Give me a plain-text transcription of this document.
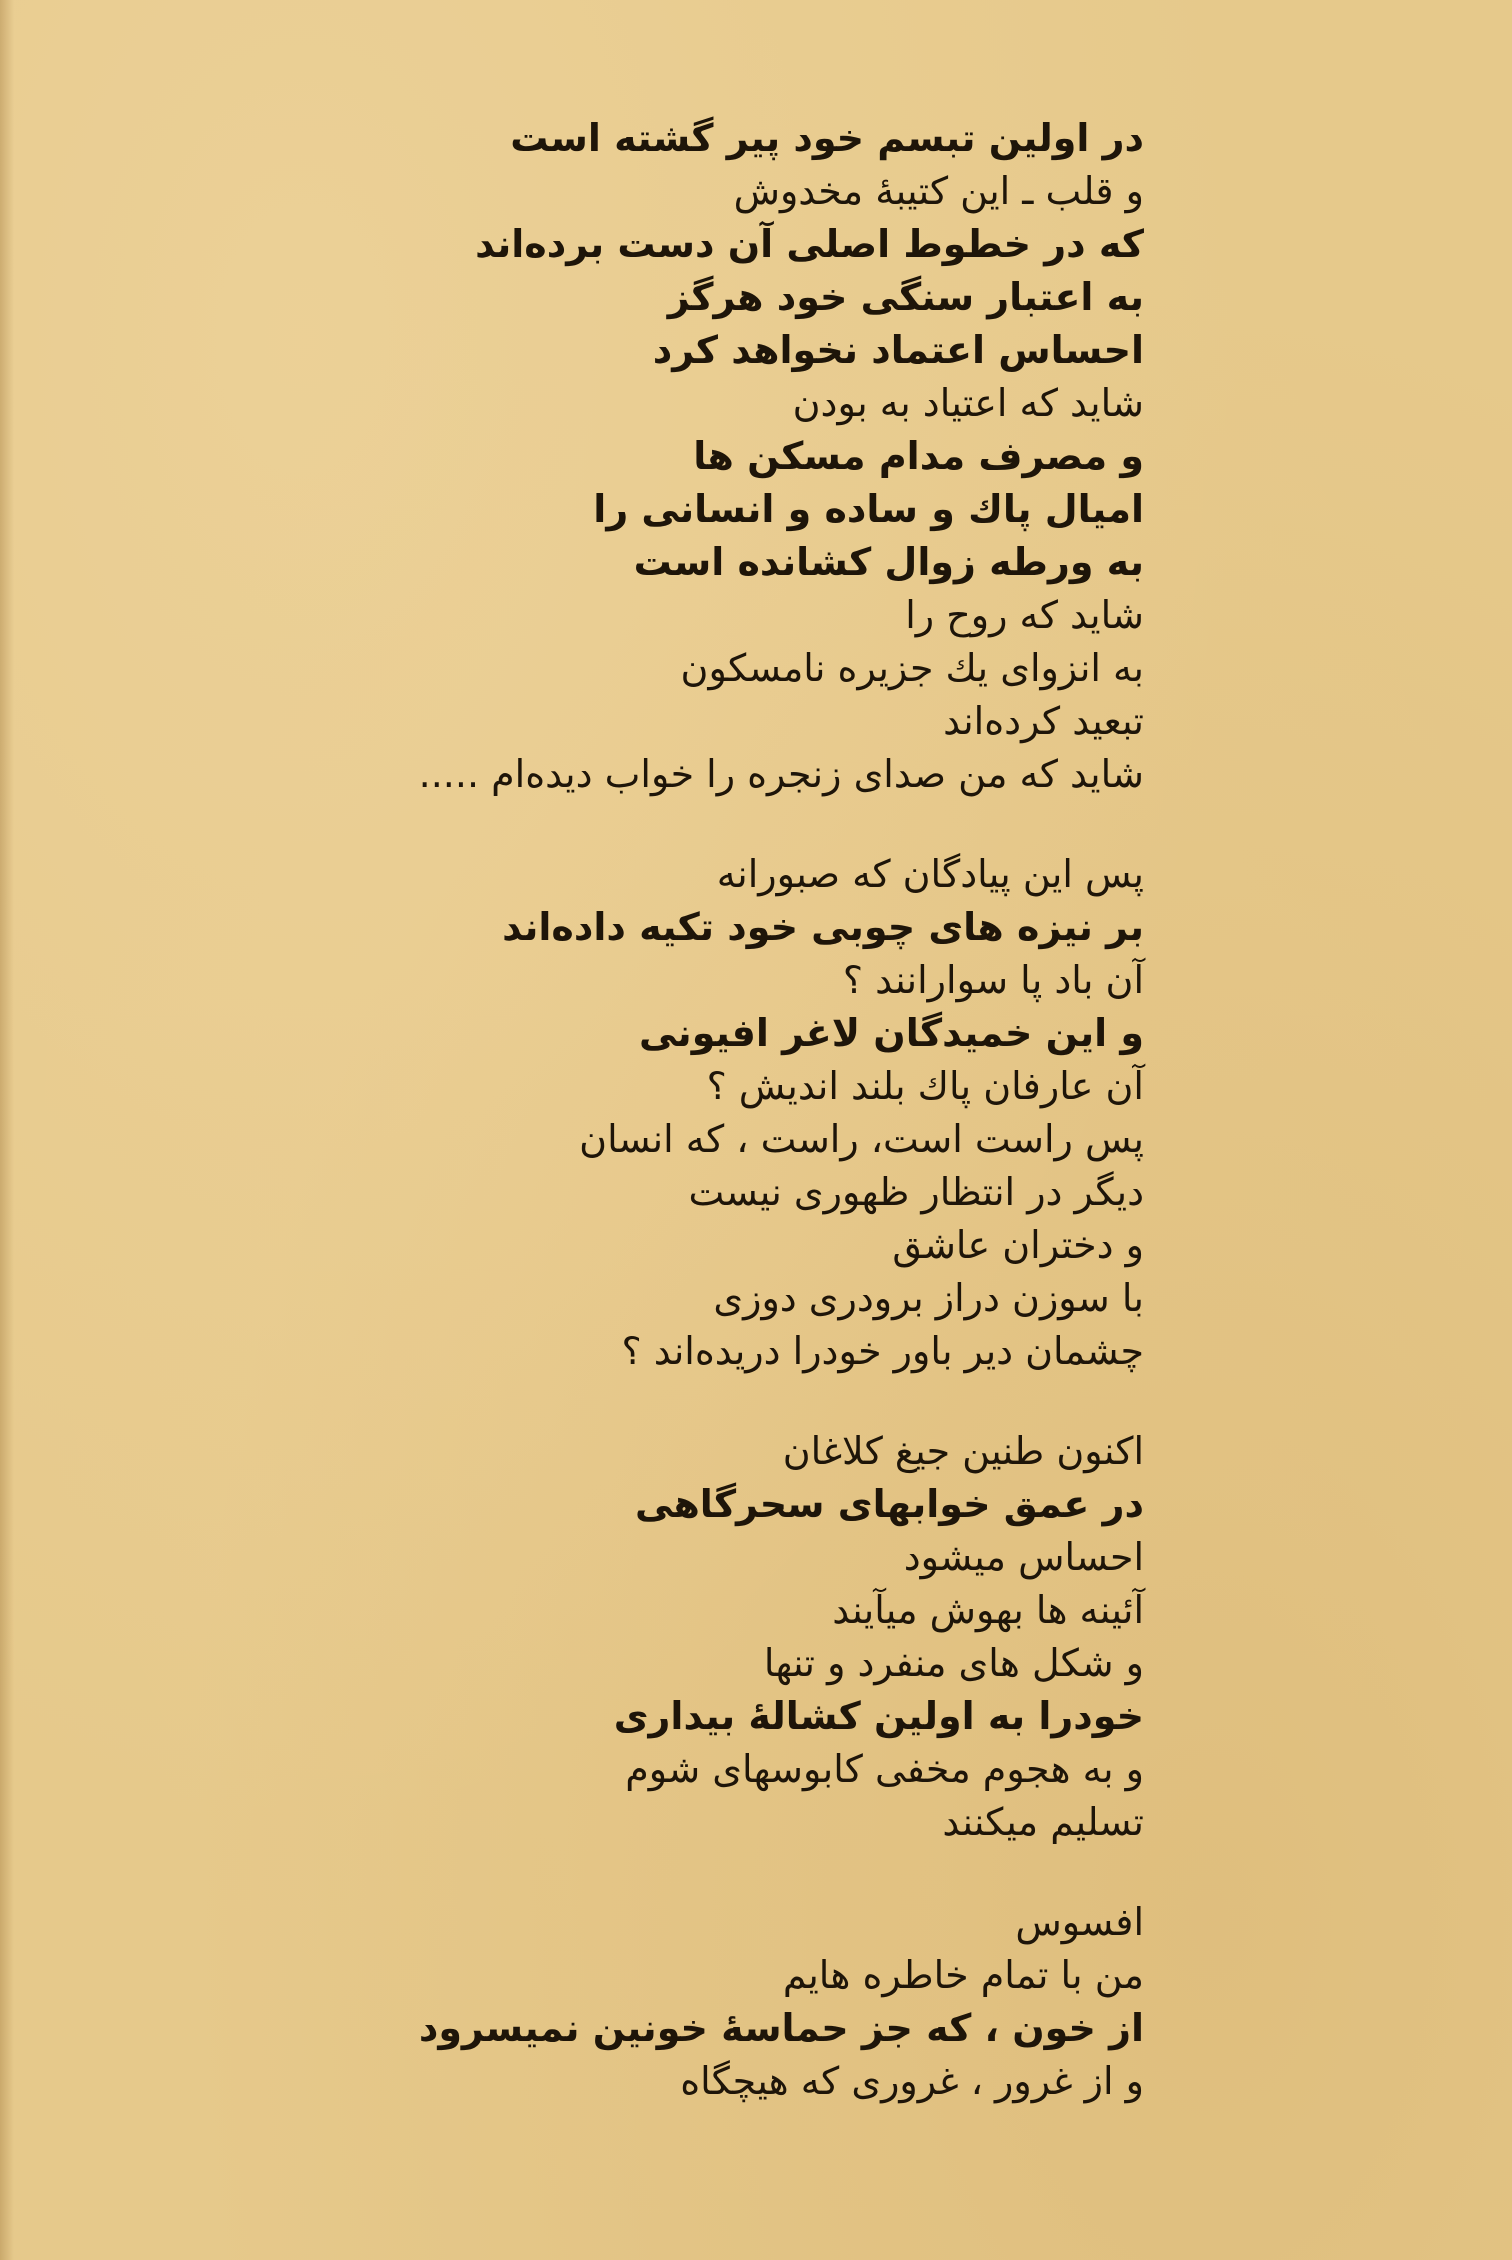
در اولین تبسم خود پیر گشته است
و قلب ـ این کتیبهٔ مخدوش
که در خطوط اصلی آن دست برده‌اند
به اعتبار سنگی خود هرگز
احساس اعتماد نخواهد کرد
شاید که اعتیاد به بودن
و مصرف مدام مسکن ها
امیال پاك و ساده و انسانی را
به ورطه زوال کشانده است
شاید که روح را
به انزوای یك جزیره نامسکون
تبعید کرده‌اند
شاید که من صدای زنجره را خواب دیده‌ام .....
پس این پیادگان که صبورانه
بر نیزه های چوبی خود تکیه داده‌اند
آن باد پا سوارانند ؟
و این خمیدگان لاغر افیونی
آن عارفان پاك بلند اندیش ؟
پس راست است، راست ، که انسان
دیگر در انتظار ظهوری نیست
و دختران عاشق
با سوزن دراز برودری دوزی
چشمان دیر باور خودرا دریده‌اند ؟
اکنون طنین جیغ کلاغان
در عمق خوابهای سحرگاهی
احساس میشود
آئینه ها بهوش میآیند
و شکل های منفرد و تنها
خودرا به اولین کشالهٔ بیداری
و به هجوم مخفی کابوسهای شوم
تسلیم میکنند
افسوس
من با تمام خاطره هایم
از خون ، که جز حماسهٔ خونین نمیسرود
و از غرور ، غروری که هیچگاه
